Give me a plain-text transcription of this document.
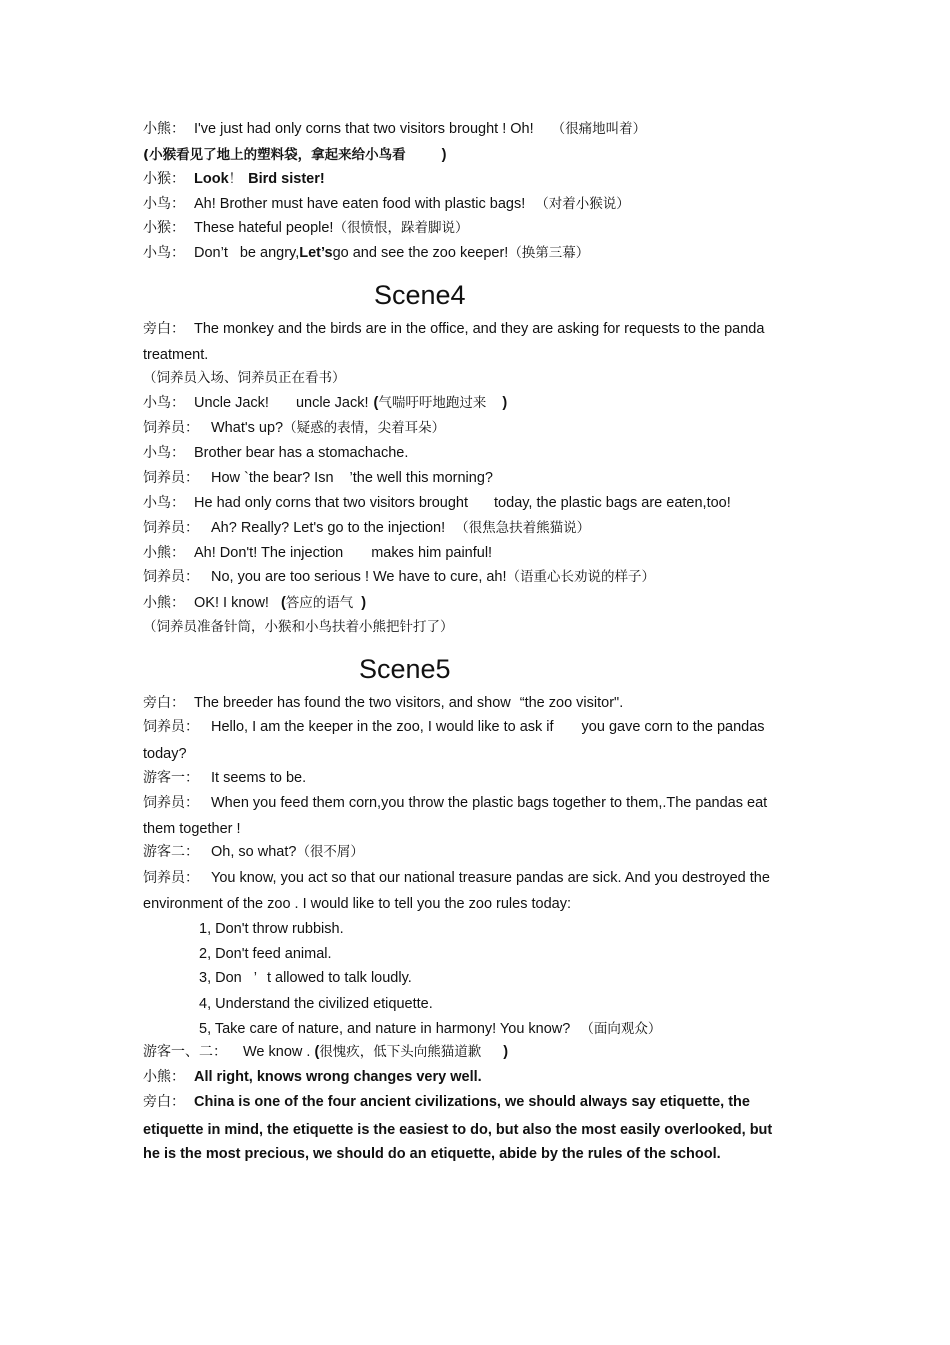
小熊： I've just had only corns that two visitors brought ! Oh! （很痛地叫着）
(小猴看见了地上的塑料袋，拿起来给小鸟看 )
小猴： Look！ Bird sister!
小鸟： Ah! Brother must have eaten food with plastic bags! （对着小猴说）
小猴： These hateful people!（很愤恨，跺着脚说）
小鸟： Don’t be angry,Let’sgo and see the zoo keeper!（换第三幕）
Scene4
旁白： The monkey and the birds are in the office, and they are asking for requests to the panda
treatment.
（饲养员入场、饲养员正在看书）
小鸟： Uncle Jack! uncle Jack! (气喘吁吁地跑过来 )
饲养员： What's up?（疑惑的表情，尖着耳朵）
小鸟： Brother bear has a stomachache.
饲养员： How `the bear? Isn ’the well this morning?
小鸟： He had only corns that two visitors brought today, the plastic bags are eaten,too!
饲养员： Ah? Really? Let's go to the injection! （很焦急扶着熊猫说）
小熊： Ah! Don't! The injection makes him painful!
饲养员： No, you are too serious ! We have to cure, ah!（语重心长劝说的样子）
小熊： OK! I know! (答应的语气 )
（饲养员准备针筒，小猴和小鸟扶着小熊把针打了）
Scene5
旁白： The breeder has found the two visitors, and show “the zoo visitor".
饲养员： Hello, I am the keeper in the zoo, I would like to ask if you gave corn to the pandas
today?
游客一： It seems to be.
饲养员： When you feed them corn,you throw the plastic bags together to them,.The pandas eat
them together !
游客二： Oh, so what?（很不屑）
饲养员： You know, you act so that our national treasure pandas are sick. And you destroyed the
environment of the zoo . I would like to tell you the zoo rules today:
1, Don't throw rubbish.
2, Don't feed animal.
3, Don ’ t allowed to talk loudly.
4, Understand the civilized etiquette.
5, Take care of nature, and nature in harmony! You know? （面向观众）
游客一、二： We know . (很愧疚，低下头向熊猫道歉 )
小熊： All right, knows wrong changes very well.
旁白： China is one of the four ancient civilizations, we should always say etiquette, the
etiquette in mind, the etiquette is the easiest to do, but also the most easily overlooked, but
he is the most precious, we should do an etiquette, abide by the rules of the school.
